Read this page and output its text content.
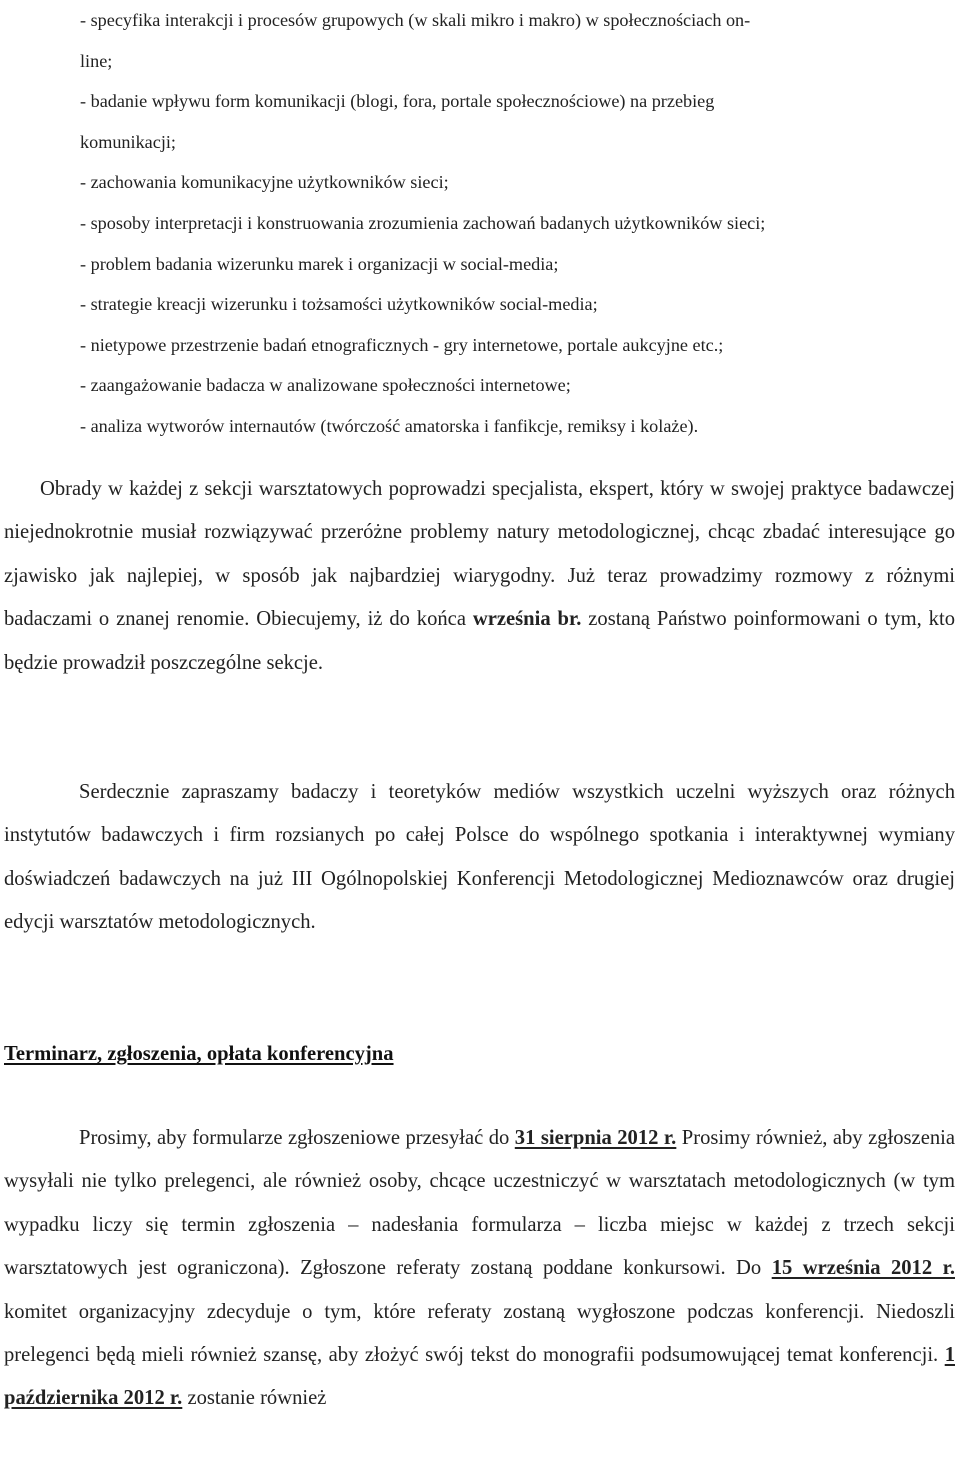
- specyfika interakcji i procesów grupowych (w skali mikro i makro) w społecznościach on-
line;
- badanie wpływu form komunikacji (blogi, fora, portale społecznościowe) na przebieg
komunikacji;
- zachowania komunikacyjne użytkowników sieci;
- sposoby interpretacji i konstruowania zrozumienia zachowań badanych użytkowników sieci;
- problem badania wizerunku marek i organizacji w social-media;
- strategie kreacji wizerunku i tożsamości użytkowników social-media;
- nietypowe przestrzenie badań etnograficznych - gry internetowe, portale aukcyjne etc.;
- zaangażowanie badacza w analizowane społeczności internetowe;
- analiza wytworów internautów (twórczość amatorska i fanfikcje, remiksy i kolaże).

Obrady w każdej z sekcji warsztatowych poprowadzi specjalista, ekspert, który w swojej praktyce badawczej niejednokrotnie musiał rozwiązywać przeróżne problemy natury metodologicznej, chcąc zbadać interesujące go zjawisko jak najlepiej, w sposób jak najbardziej wiarygodny. Już teraz prowadzimy rozmowy z różnymi badaczami o znanej renomie. Obiecujemy, iż do końca września br. zostaną Państwo poinformowani o tym, kto będzie prowadził poszczególne sekcje.

Serdecznie zapraszamy badaczy i teoretyków mediów wszystkich uczelni wyższych oraz różnych instytutów badawczych i firm rozsianych po całej Polsce do wspólnego spotkania i interaktywnej wymiany doświadczeń badawczych na już III Ogólnopolskiej Konferencji Metodologicznej Medioznawców oraz drugiej edycji warsztatów metodologicznych.

Terminarz, zgłoszenia, opłata konferencyjna

Prosimy, aby formularze zgłoszeniowe przesyłać do 31 sierpnia 2012 r. Prosimy również, aby zgłoszenia wysyłali nie tylko prelegenci, ale również osoby, chcące uczestniczyć w warsztatach metodologicznych (w tym wypadku liczy się termin zgłoszenia – nadesłania formularza – liczba miejsc w każdej z trzech sekcji warsztatowych jest ograniczona). Zgłoszone referaty zostaną poddane konkursowi. Do 15 września 2012 r. komitet organizacyjny zdecyduje o tym, które referaty zostaną wygłoszone podczas konferencji. Niedoszli prelegenci będą mieli również szansę, aby złożyć swój tekst do monografii podsumowującej temat konferencji. 1 października 2012 r. zostanie również
